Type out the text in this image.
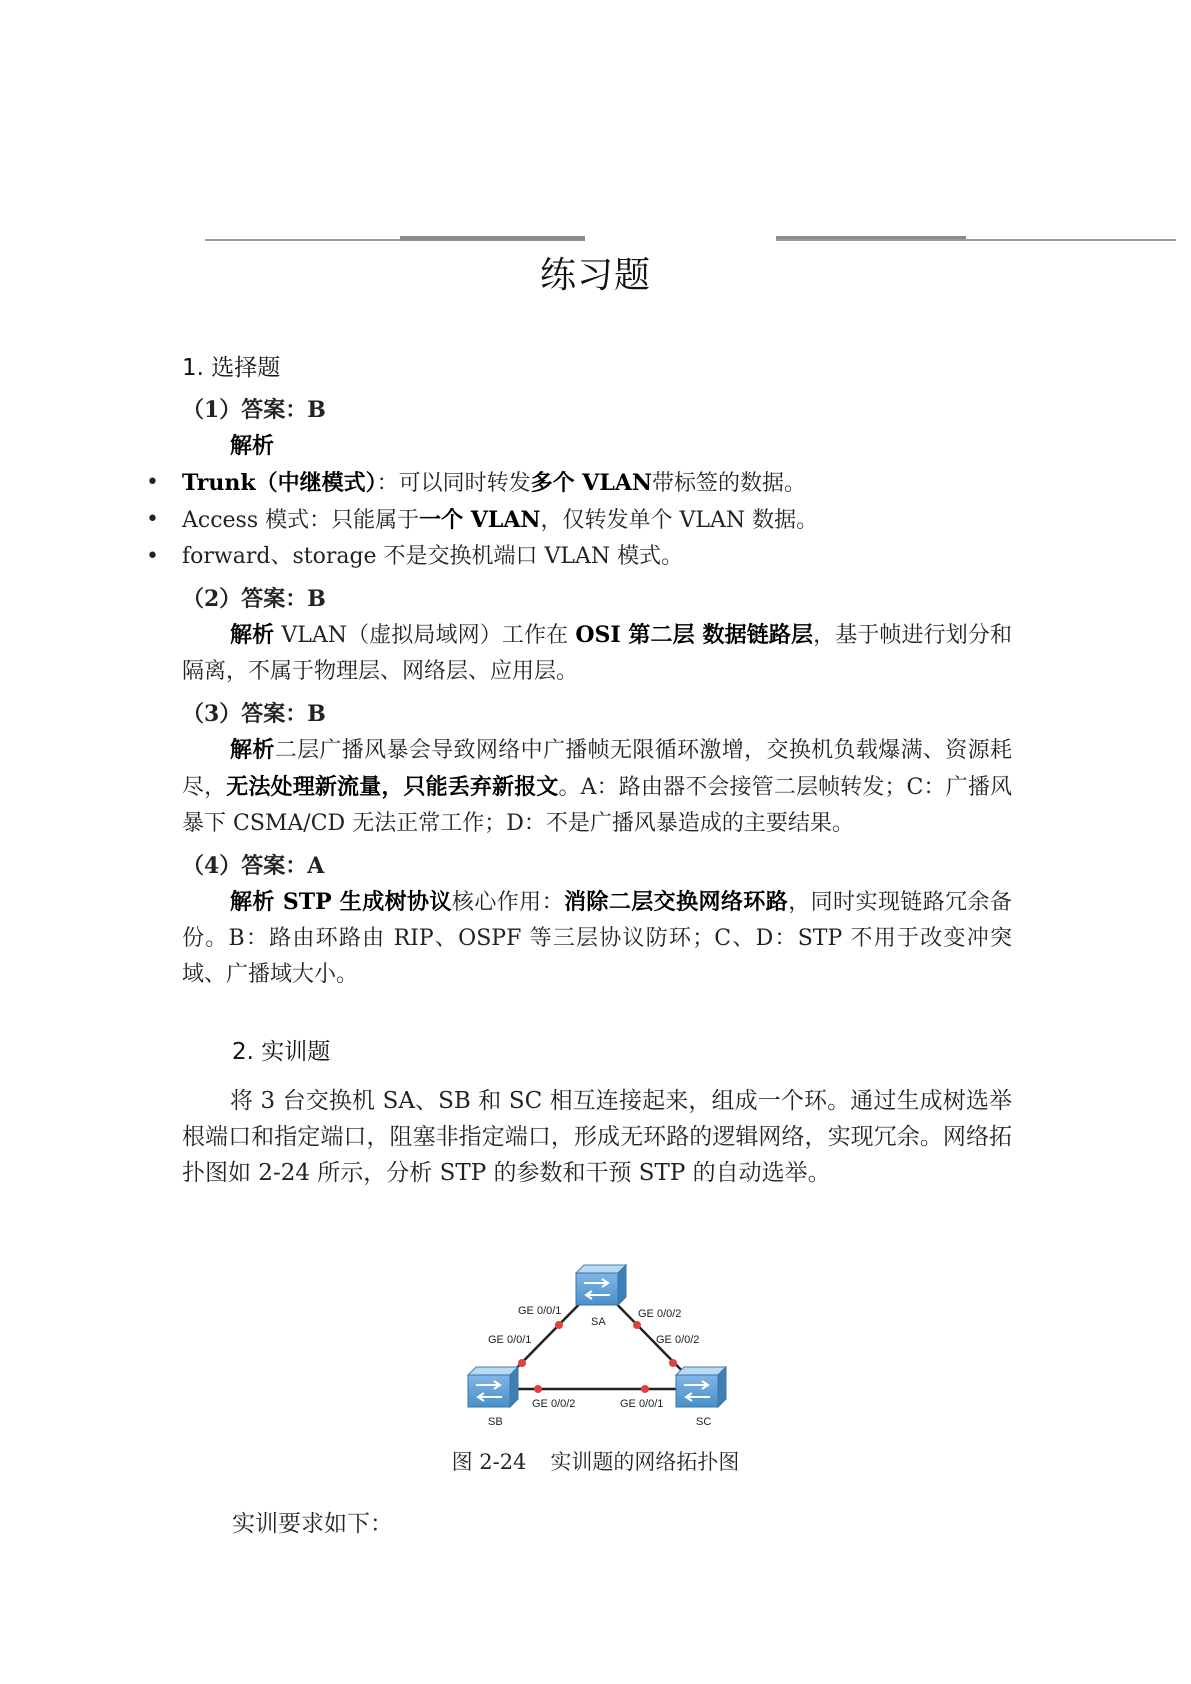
练习题

1. 选择题

（1）答案：B
解析
• Trunk（中继模式）：可以同时转发多个 VLAN带标签的数据。
• Access 模式：只能属于一个 VLAN，仅转发单个 VLAN 数据。
• forward、storage 不是交换机端口 VLAN 模式。
（2）答案：B
解析 VLAN（虚拟局域网）工作在 OSI 第二层 数据链路层，基于帧进行划分和隔离，不属于物理层、网络层、应用层。
（3）答案：B
解析二层广播风暴会导致网络中广播帧无限循环激增，交换机负载爆满、资源耗尽，无法处理新流量，只能丢弃新报文。A：路由器不会接管二层帧转发；C：广播风暴下 CSMA/CD 无法正常工作；D：不是广播风暴造成的主要结果。
（4）答案：A
解析 STP 生成树协议核心作用：消除二层交换网络环路，同时实现链路冗余备份。B：路由环路由 RIP、OSPF 等三层协议防环；C、D：STP 不用于改变冲突域、广播域大小。

2. 实训题

将 3 台交换机 SA、SB 和 SC 相互连接起来，组成一个环。通过生成树选举根端口和指定端口，阻塞非指定端口，形成无环路的逻辑网络，实现冗余。网络拓扑图如 2-24 所示，分析 STP 的参数和干预 STP 的自动选举。
SA
SB	SC
GE 0/0/1	GE 0/0/2
GE 0/0/1	GE 0/0/2
GE 0/0/2	GE 0/0/1
图 2-24 实训题的网络拓扑图
实训要求如下：
